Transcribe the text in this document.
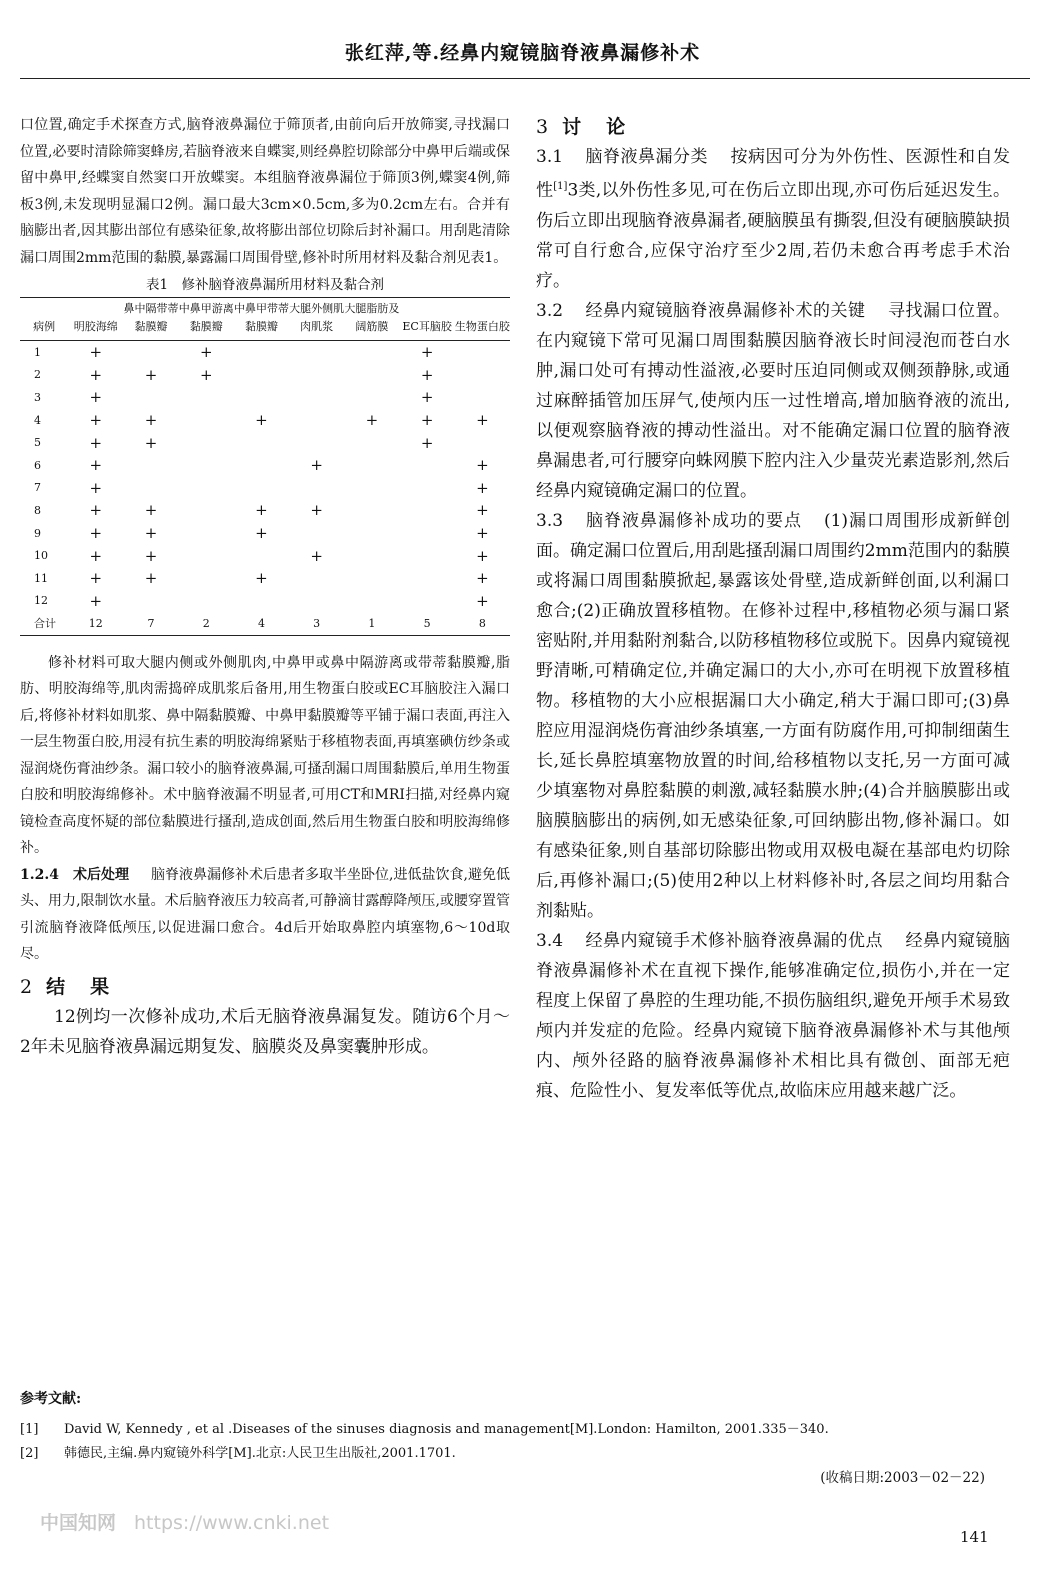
张红萍,等.经鼻内窥镜脑脊液鼻漏修补术

口位置,确定手术探查方式,脑脊液鼻漏位于筛顶者,由前向后开放筛窦,寻找漏口位置,必要时清除筛窦蜂房,若脑脊液来自蝶窦,则经鼻腔切除部分中鼻甲后端或保留中鼻甲,经蝶窦自然窦口开放蝶窦。本组脑脊液鼻漏位于筛顶3例,蝶窦4例,筛板3例,未发现明显漏口2例。漏口最大3cm×0.5cm,多为0.2cm左右。合并有脑膨出者,因其膨出部位有感染征象,故将膨出部位切除后封补漏口。用刮匙清除漏口周围2mm范围的黏膜,暴露漏口周围骨壁,修补时所用材料及黏合剂见表1。

表1　修补脑脊液鼻漏所用材料及黏合剂
病例	明胶海绵	鼻中隔带蒂黏膜瓣	中鼻甲游离黏膜瓣	中鼻甲带蒂黏膜瓣	大腿外侧肌肉肌浆	大腿脂肪及阔筋膜	EC耳脑胶	生物蛋白胶
1	+		+				+	
2	+	+	+				+	
3	+						+	
4	+	+		+		+	+	+
5	+	+					+	
6	+				+			+
7	+							+
8	+	+		+	+			+
9	+	+		+				+
10	+	+			+			+
11	+	+		+				+
12	+							+
合计	12	7	2	4	3	1	5	8

修补材料可取大腿内侧或外侧肌肉,中鼻甲或鼻中隔游离或带蒂黏膜瓣,脂肪、明胶海绵等,肌肉需捣碎成肌浆后备用,用生物蛋白胶或EC耳脑胶注入漏口后,将修补材料如肌浆、鼻中隔黏膜瓣、中鼻甲黏膜瓣等平铺于漏口表面,再注入一层生物蛋白胶,用浸有抗生素的明胶海绵紧贴于移植物表面,再填塞碘仿纱条或湿润烧伤膏油纱条。漏口较小的脑脊液鼻漏,可搔刮漏口周围黏膜后,单用生物蛋白胶和明胶海绵修补。术中脑脊液漏不明显者,可用CT和MRI扫描,对经鼻内窥镜检查高度怀疑的部位黏膜进行搔刮,造成创面,然后用生物蛋白胶和明胶海绵修补。

1.2.4　术后处理 脑脊液鼻漏修补术后患者多取半坐卧位,进低盐饮食,避免低头、用力,限制饮水量。术后脑脊液压力较高者,可静滴甘露醇降颅压,或腰穿置管引流脑脊液降低颅压,以促进漏口愈合。4d后开始取鼻腔内填塞物,6～10d取尽。

2 结　果

12例均一次修补成功,术后无脑脊液鼻漏复发。随访6个月～2年未见脑脊液鼻漏远期复发、脑膜炎及鼻窦囊肿形成。

3 讨　论

3.1 脑脊液鼻漏分类 按病因可分为外伤性、医源性和自发性[1]3类,以外伤性多见,可在伤后立即出现,亦可伤后延迟发生。伤后立即出现脑脊液鼻漏者,硬脑膜虽有撕裂,但没有硬脑膜缺损常可自行愈合,应保守治疗至少2周,若仍未愈合再考虑手术治疗。

3.2 经鼻内窥镜脑脊液鼻漏修补术的关键 寻找漏口位置。在内窥镜下常可见漏口周围黏膜因脑脊液长时间浸泡而苍白水肿,漏口处可有搏动性溢液,必要时压迫同侧或双侧颈静脉,或通过麻醉插管加压屏气,使颅内压一过性增高,增加脑脊液的流出,以便观察脑脊液的搏动性溢出。对不能确定漏口位置的脑脊液鼻漏患者,可行腰穿向蛛网膜下腔内注入少量荧光素造影剂,然后经鼻内窥镜确定漏口的位置。

3.3 脑脊液鼻漏修补成功的要点 (1)漏口周围形成新鲜创面。确定漏口位置后,用刮匙搔刮漏口周围约2mm范围内的黏膜或将漏口周围黏膜掀起,暴露该处骨壁,造成新鲜创面,以利漏口愈合;(2)正确放置移植物。在修补过程中,移植物必须与漏口紧密贴附,并用黏附剂黏合,以防移植物移位或脱下。因鼻内窥镜视野清晰,可精确定位,并确定漏口的大小,亦可在明视下放置移植物。移植物的大小应根据漏口大小确定,稍大于漏口即可;(3)鼻腔应用湿润烧伤膏油纱条填塞,一方面有防腐作用,可抑制细菌生长,延长鼻腔填塞物放置的时间,给移植物以支托,另一方面可减少填塞物对鼻腔黏膜的刺激,减轻黏膜水肿;(4)合并脑膜膨出或脑膜脑膨出的病例,如无感染征象,可回纳膨出物,修补漏口。如有感染征象,则自基部切除膨出物或用双极电凝在基部电灼切除后,再修补漏口;(5)使用2种以上材料修补时,各层之间均用黏合剂黏贴。

3.4 经鼻内窥镜手术修补脑脊液鼻漏的优点 经鼻内窥镜脑脊液鼻漏修补术在直视下操作,能够准确定位,损伤小,并在一定程度上保留了鼻腔的生理功能,不损伤脑组织,避免开颅手术易致颅内并发症的危险。经鼻内窥镜下脑脊液鼻漏修补术与其他颅内、颅外径路的脑脊液鼻漏修补术相比具有微创、面部无疤痕、危险性小、复发率低等优点,故临床应用越来越广泛。

参考文献:
[1] David W, Kennedy , et al .Diseases of the sinuses diagnosis and management[M].London: Hamilton, 2001.335－340.
[2] 韩德民,主编.鼻内窥镜外科学[M].北京:人民卫生出版社,2001.1701.
(收稿日期:2003－02－22)
中国知网 https://www.cnki.net
141
